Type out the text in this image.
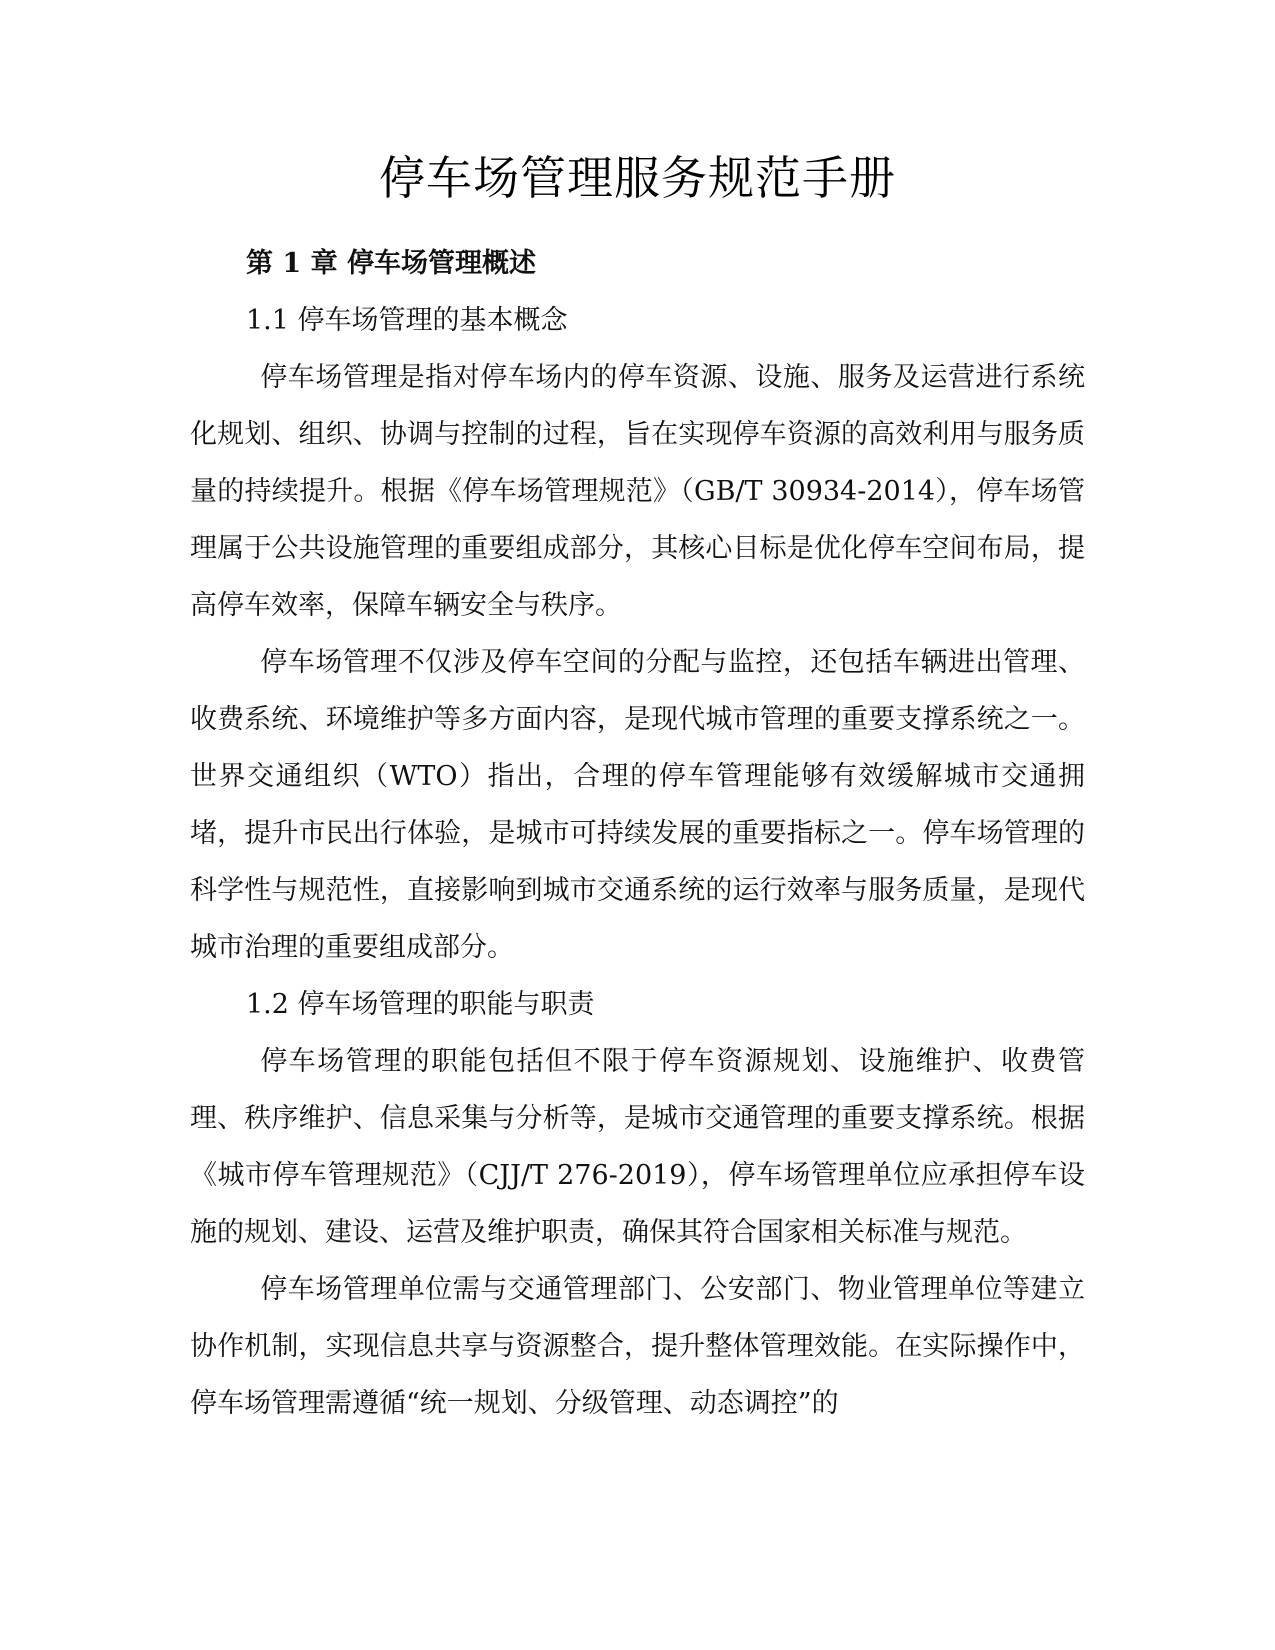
停车场管理服务规范手册
第 1 章 停车场管理概述
1.1 停车场管理的基本概念

停车场管理是指对停车场内的停车资源、设施、服务及运营进行系统化规划、组织、协调与控制的过程，旨在实现停车资源的高效利用与服务质量的持续提升。根据《停车场管理规范》（GB/T 30934-2014），停车场管理属于公共设施管理的重要组成部分，其核心目标是优化停车空间布局，提高停车效率，保障车辆安全与秩序。

停车场管理不仅涉及停车空间的分配与监控，还包括车辆进出管理、收费系统、环境维护等多方面内容，是现代城市管理的重要支撑系统之一。世界交通组织（WTO）指出，合理的停车管理能够有效缓解城市交通拥堵，提升市民出行体验，是城市可持续发展的重要指标之一。停车场管理的科学性与规范性，直接影响到城市交通系统的运行效率与服务质量，是现代城市治理的重要组成部分。

1.2 停车场管理的职能与职责

停车场管理的职能包括但不限于停车资源规划、设施维护、收费管理、秩序维护、信息采集与分析等，是城市交通管理的重要支撑系统。根据《城市停车管理规范》（CJJ/T 276-2019），停车场管理单位应承担停车设施的规划、建设、运营及维护职责，确保其符合国家相关标准与规范。

停车场管理单位需与交通管理部门、公安部门、物业管理单位等建立协作机制，实现信息共享与资源整合，提升整体管理效能。在实际操作中，停车场管理需遵循“统一规划、分级管理、动态调控”的
